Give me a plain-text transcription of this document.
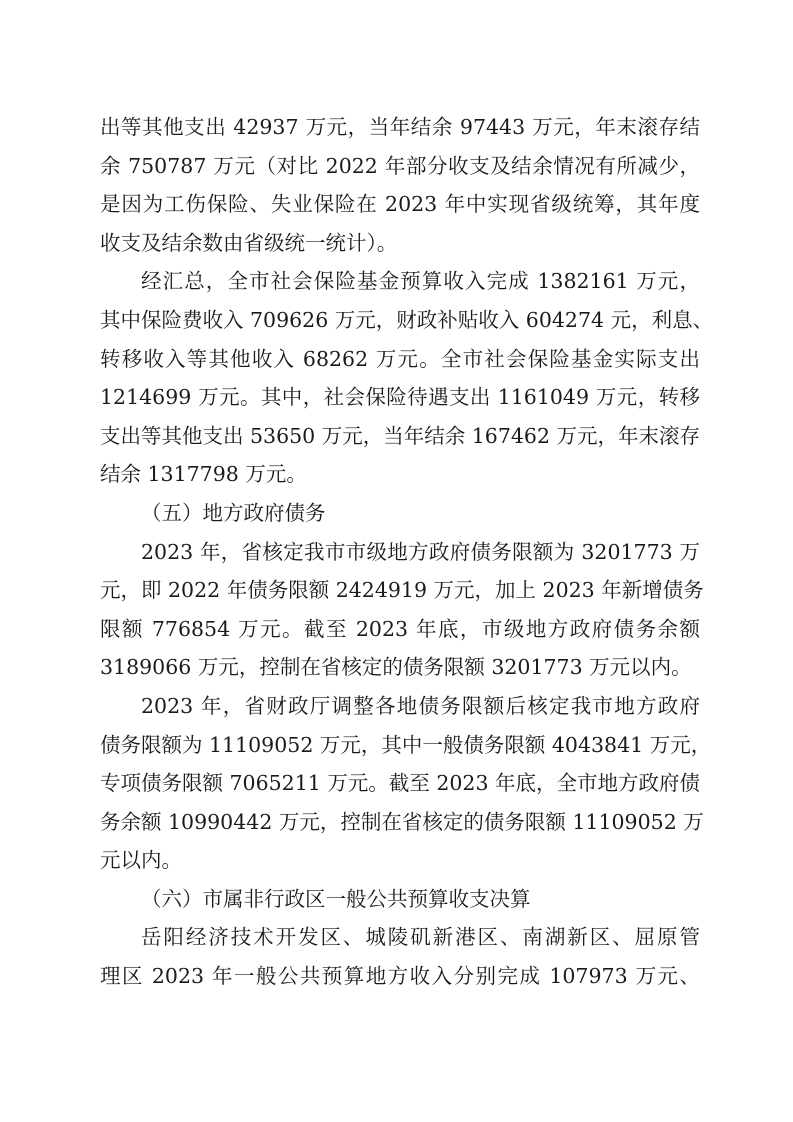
出等其他支出 42937 万元，当年结余 97443 万元，年末滚存结
余 750787 万元（对比 2022 年部分收支及结余情况有所减少，
是因为工伤保险、失业保险在 2023 年中实现省级统筹，其年度
收支及结余数由省级统一统计）。
经汇总，全市社会保险基金预算收入完成 1382161 万元，
其中保险费收入 709626 万元，财政补贴收入 604274 元，利息、
转移收入等其他收入 68262 万元。全市社会保险基金实际支出
1214699 万元。其中，社会保险待遇支出 1161049 万元，转移
支出等其他支出 53650 万元，当年结余 167462 万元，年末滚存
结余 1317798 万元。
（五）地方政府债务
2023 年，省核定我市市级地方政府债务限额为 3201773 万
元，即 2022 年债务限额 2424919 万元，加上 2023 年新增债务
限额 776854 万元。截至 2023 年底，市级地方政府债务余额
3189066 万元，控制在省核定的债务限额 3201773 万元以内。
2023 年，省财政厅调整各地债务限额后核定我市地方政府
债务限额为 11109052 万元，其中一般债务限额 4043841 万元，
专项债务限额 7065211 万元。截至 2023 年底，全市地方政府债
务余额 10990442 万元，控制在省核定的债务限额 11109052 万
元以内。
（六）市属非行政区一般公共预算收支决算
岳阳经济技术开发区、城陵矶新港区、南湖新区、屈原管
理区 2023 年一般公共预算地方收入分别完成 107973 万元、
